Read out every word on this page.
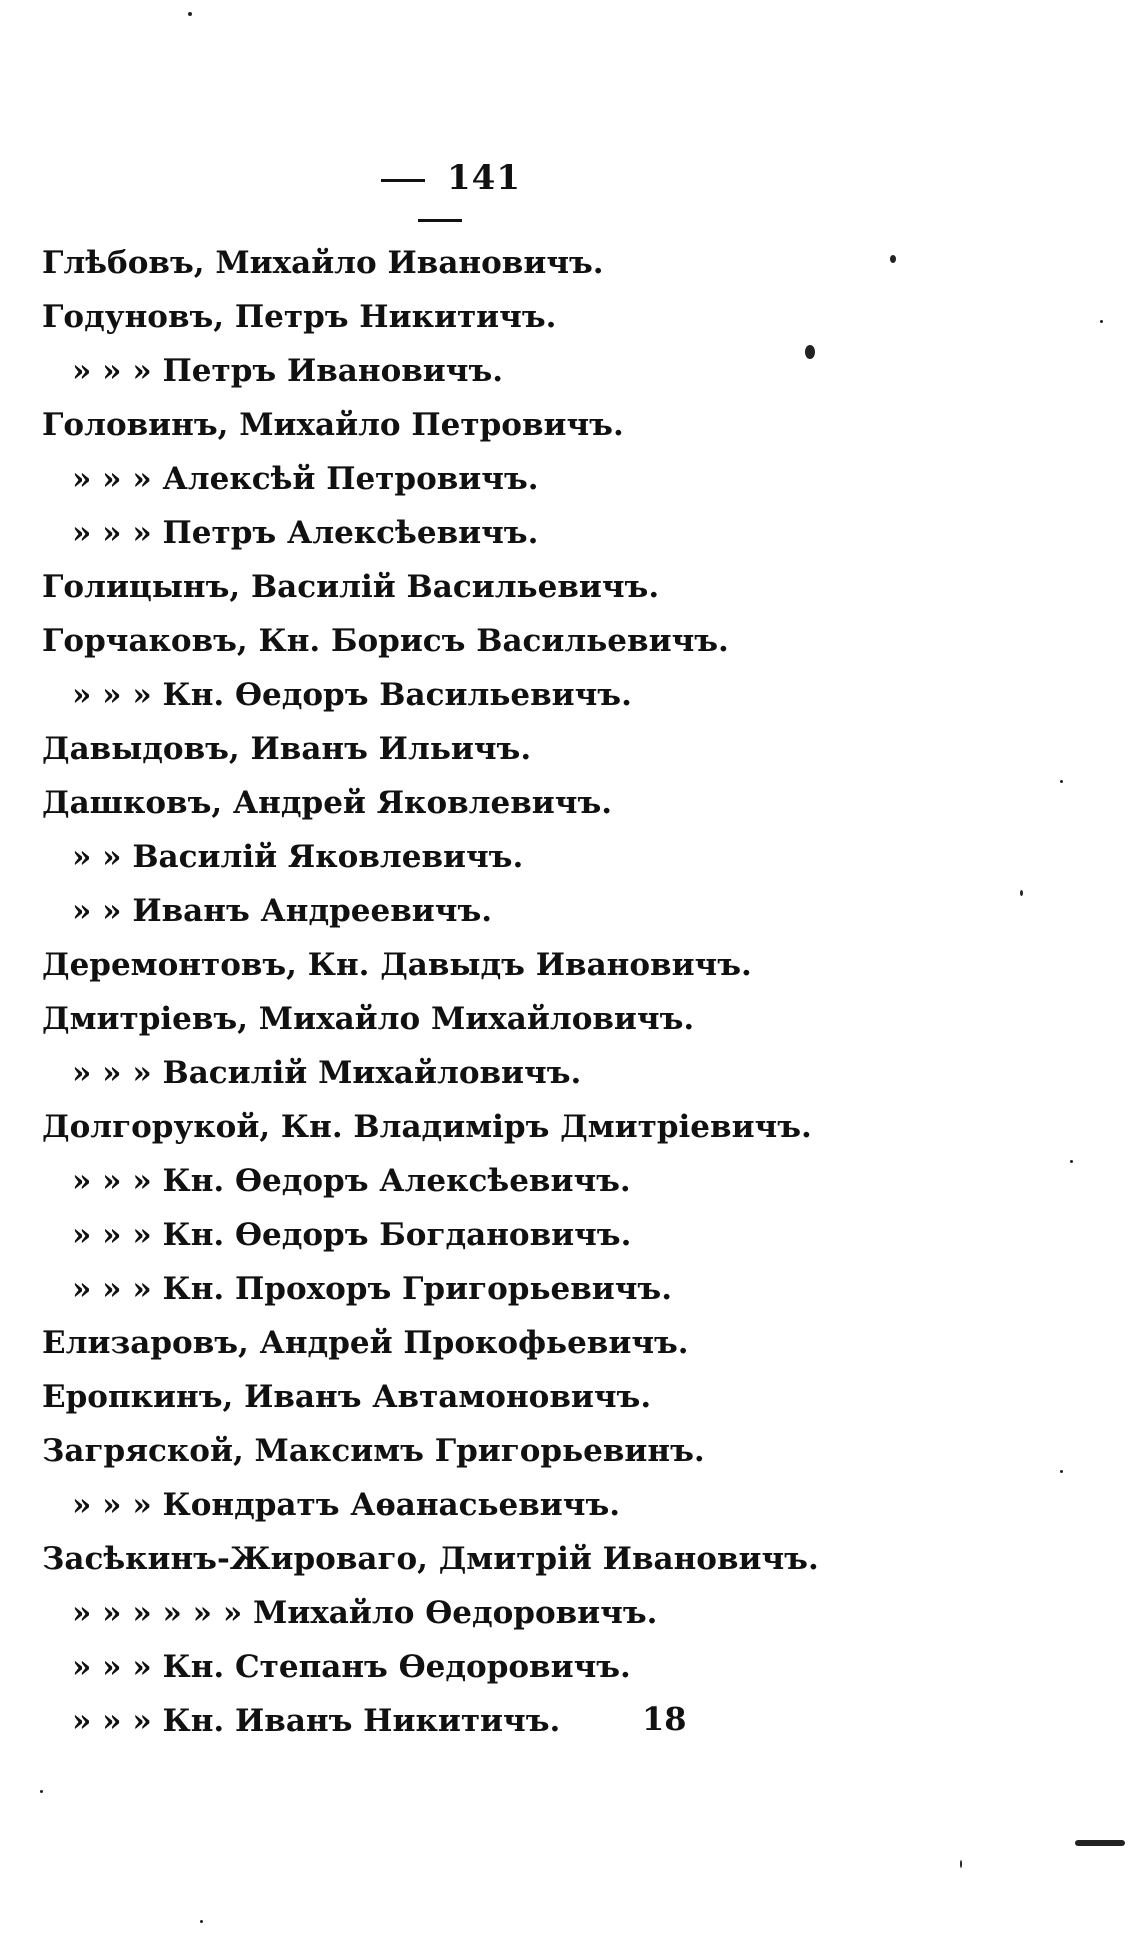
141
Глѣбовъ, Михайло Ивановичъ.
Годуновъ, Петръ Никитичъ.
» » » Петръ Ивановичъ.
Головинъ, Михайло Петровичъ.
» » » Алексѣй Петровичъ.
» » » Петръ Алексѣевичъ.
Голицынъ, Василій Васильевичъ.
Горчаковъ, Кн. Борисъ Васильевичъ.
» » » Кн. Ѳедоръ Васильевичъ.
Давыдовъ, Иванъ Ильичъ.
Дашковъ, Андрей Яковлевичъ.
» » Василій Яковлевичъ.
» » Иванъ Андреевичъ.
Деремонтовъ, Кн. Давыдъ Ивановичъ.
Дмитріевъ, Михайло Михайловичъ.
» » » Василій Михайловичъ.
Долгорукой, Кн. Владиміръ Дмитріевичъ.
» » » Кн. Ѳедоръ Алексѣевичъ.
» » » Кн. Ѳедоръ Богдановичъ.
» » » Кн. Прохоръ Григорьевичъ.
Елизаровъ, Андрей Прокофьевичъ.
Еропкинъ, Иванъ Автамоновичъ.
Загряской, Максимъ Григорьевинъ.
» » » Кондратъ Аѳанасьевичъ.
Засѣкинъ-Жироваго, Дмитрій Ивановичъ.
» » » » » » Михайло Ѳедоровичъ.
» » » Кн. Степанъ Ѳедоровичъ.
» » » Кн. Иванъ Никитичъ.	18
